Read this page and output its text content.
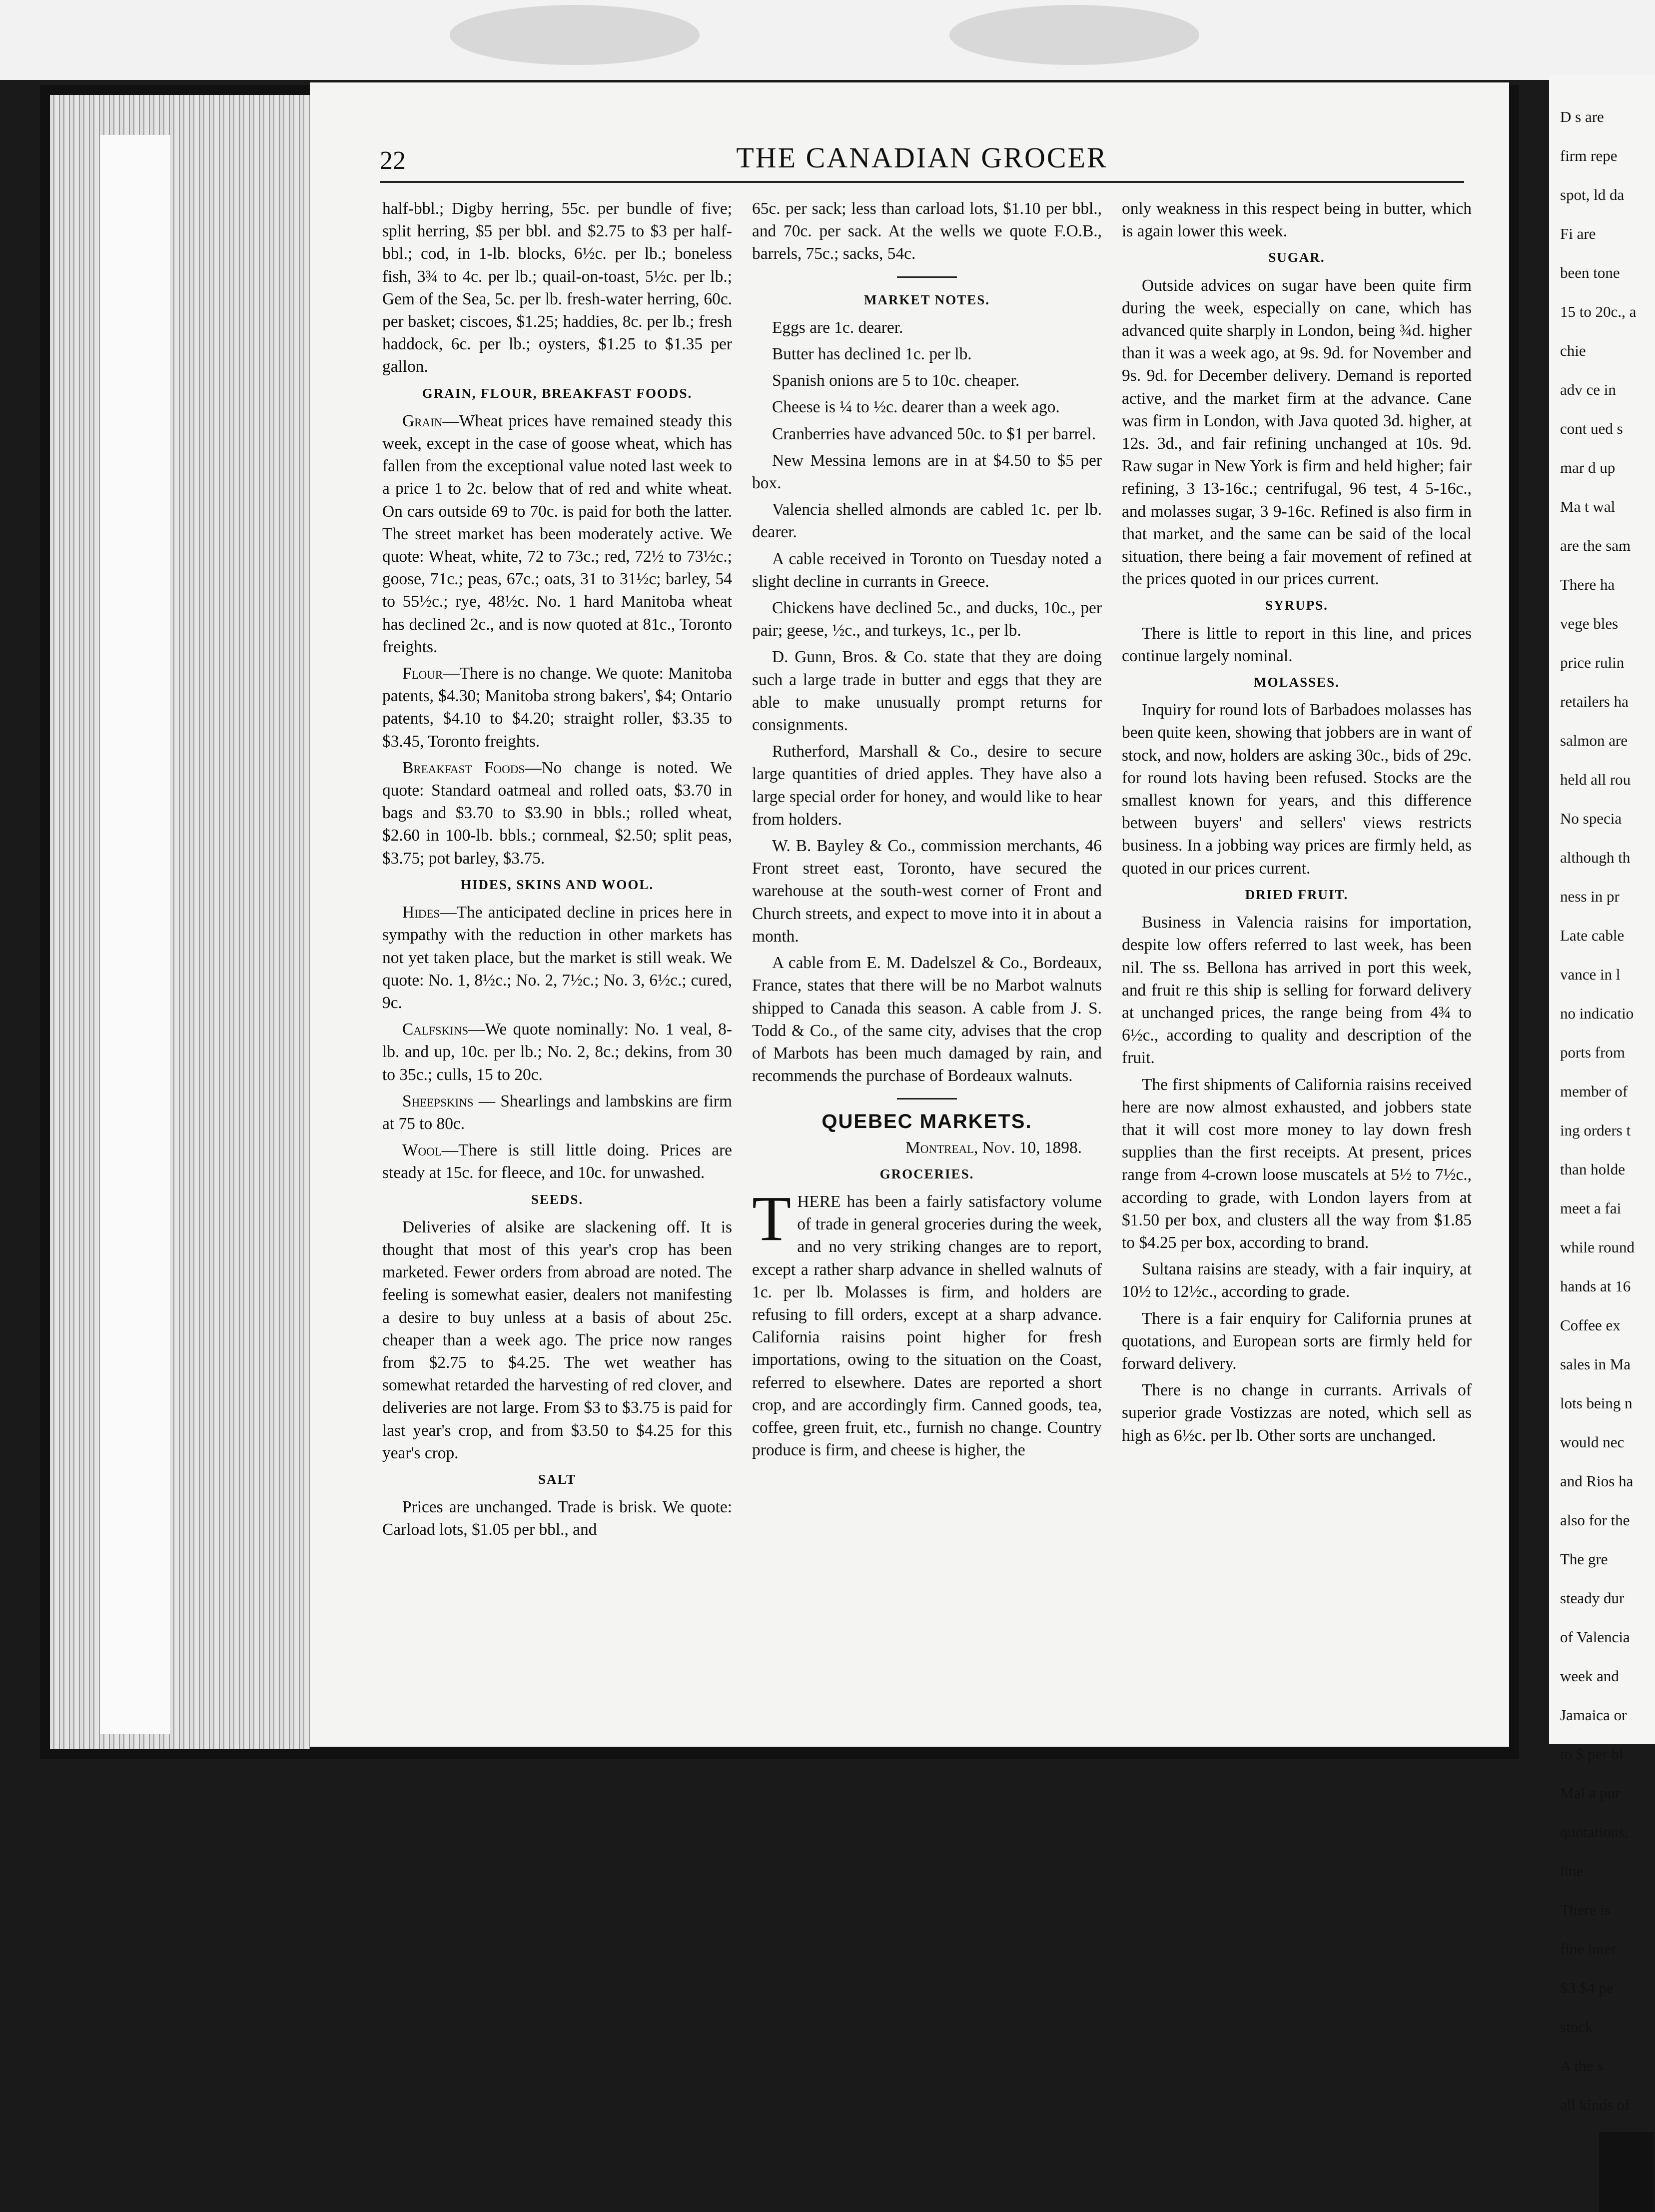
22	THE CANADIAN GROCER

half-bbl.; Digby herring, 55c. per bundle of five; split herring, $5 per bbl. and $2.75 to $3 per half-bbl.; cod, in 1-lb. blocks, 6½c. per lb.; boneless fish, 3¾ to 4c. per lb.; quail-on-toast, 5½c. per lb.; Gem of the Sea, 5c. per lb. fresh-water herring, 60c. per basket; ciscoes, $1.25; haddies, 8c. per lb.; fresh haddock, 6c. per lb.; oysters, $1.25 to $1.35 per gallon.

GRAIN, FLOUR, BREAKFAST FOODS.

Grain—Wheat prices have remained steady this week, except in the case of goose wheat, which has fallen from the exceptional value noted last week to a price 1 to 2c. below that of red and white wheat. On cars outside 69 to 70c. is paid for both the latter. The street market has been moderately active. We quote: Wheat, white, 72 to 73c.; red, 72½ to 73½c.; goose, 71c.; peas, 67c.; oats, 31 to 31½c; barley, 54 to 55½c.; rye, 48½c. No. 1 hard Manitoba wheat has declined 2c., and is now quoted at 81c., Toronto freights.

Flour—There is no change. We quote: Manitoba patents, $4.30; Manitoba strong bakers', $4; Ontario patents, $4.10 to $4.20; straight roller, $3.35 to $3.45, Toronto freights.

Breakfast Foods—No change is noted. We quote: Standard oatmeal and rolled oats, $3.70 in bags and $3.70 to $3.90 in bbls.; rolled wheat, $2.60 in 100-lb. bbls.; cornmeal, $2.50; split peas, $3.75; pot barley, $3.75.

HIDES, SKINS AND WOOL.

Hides—The anticipated decline in prices here in sympathy with the reduction in other markets has not yet taken place, but the market is still weak. We quote: No. 1, 8½c.; No. 2, 7½c.; No. 3, 6½c.; cured, 9c.

Calfskins—We quote nominally: No. 1 veal, 8-lb. and up, 10c. per lb.; No. 2, 8c.; dekins, from 30 to 35c.; culls, 15 to 20c.

Sheepskins — Shearlings and lambskins are firm at 75 to 80c.

Wool—There is still little doing. Prices are steady at 15c. for fleece, and 10c. for unwashed.

SEEDS.

Deliveries of alsike are slackening off. It is thought that most of this year's crop has been marketed. Fewer orders from abroad are noted. The feeling is somewhat easier, dealers not manifesting a desire to buy unless at a basis of about 25c. cheaper than a week ago. The price now ranges from $2.75 to $4.25. The wet weather has somewhat retarded the harvesting of red clover, and deliveries are not large. From $3 to $3.75 is paid for last year's crop, and from $3.50 to $4.25 for this year's crop.

SALT

Prices are unchanged. Trade is brisk. We quote: Carload lots, $1.05 per bbl., and

65c. per sack; less than carload lots, $1.10 per bbl., and 70c. per sack. At the wells we quote F.O.B., barrels, 75c.; sacks, 54c.

MARKET NOTES.

Eggs are 1c. dearer.

Butter has declined 1c. per lb.

Spanish onions are 5 to 10c. cheaper.

Cheese is ¼ to ½c. dearer than a week ago.

Cranberries have advanced 50c. to $1 per barrel.

New Messina lemons are in at $4.50 to $5 per box.

Valencia shelled almonds are cabled 1c. per lb. dearer.

A cable received in Toronto on Tuesday noted a slight decline in currants in Greece.

Chickens have declined 5c., and ducks, 10c., per pair; geese, ½c., and turkeys, 1c., per lb.

D. Gunn, Bros. & Co. state that they are doing such a large trade in butter and eggs that they are able to make unusually prompt returns for consignments.

Rutherford, Marshall & Co., desire to secure large quantities of dried apples. They have also a large special order for honey, and would like to hear from holders.

W. B. Bayley & Co., commission merchants, 46 Front street east, Toronto, have secured the warehouse at the south-west corner of Front and Church streets, and expect to move into it in about a month.

A cable from E. M. Dadelszel & Co., Bordeaux, France, states that there will be no Marbot walnuts shipped to Canada this season. A cable from J. S. Todd & Co., of the same city, advises that the crop of Marbots has been much damaged by rain, and recommends the purchase of Bordeaux walnuts.

QUEBEC MARKETS.
Montreal, Nov. 10, 1898.
GROCERIES.

THERE has been a fairly satisfactory volume of trade in general groceries during the week, and no very striking changes are to report, except a rather sharp advance in shelled walnuts of 1c. per lb. Molasses is firm, and holders are refusing to fill orders, except at a sharp advance. California raisins point higher for fresh importations, owing to the situation on the Coast, referred to elsewhere. Dates are reported a short crop, and are accordingly firm. Canned goods, tea, coffee, green fruit, etc., furnish no change. Country produce is firm, and cheese is higher, the

only weakness in this respect being in butter, which is again lower this week.

SUGAR.

Outside advices on sugar have been quite firm during the week, especially on cane, which has advanced quite sharply in London, being ¾d. higher than it was a week ago, at 9s. 9d. for November and 9s. 9d. for December delivery. Demand is reported active, and the market firm at the advance. Cane was firm in London, with Java quoted 3d. higher, at 12s. 3d., and fair refining unchanged at 10s. 9d. Raw sugar in New York is firm and held higher; fair refining, 3 13-16c.; centrifugal, 96 test, 4 5-16c., and molasses sugar, 3 9-16c. Refined is also firm in that market, and the same can be said of the local situation, there being a fair movement of refined at the prices quoted in our prices current.

SYRUPS.

There is little to report in this line, and prices continue largely nominal.

MOLASSES.

Inquiry for round lots of Barbadoes molasses has been quite keen, showing that jobbers are in want of stock, and now, holders are asking 30c., bids of 29c. for round lots having been refused. Stocks are the smallest known for years, and this difference between buyers' and sellers' views restricts business. In a jobbing way prices are firmly held, as quoted in our prices current.

DRIED FRUIT.

Business in Valencia raisins for importation, despite low offers referred to last week, has been nil. The ss. Bellona has arrived in port this week, and fruit re this ship is selling for forward delivery at unchanged prices, the range being from 4¾ to 6½c., according to quality and description of the fruit.

The first shipments of California raisins received here are now almost exhausted, and jobbers state that it will cost more money to lay down fresh supplies than the first receipts. At present, prices range from 4-crown loose muscatels at 5½ to 7½c., according to grade, with London layers from at $1.50 per box, and clusters all the way from $1.85 to $4.25 per box, according to brand.

Sultana raisins are steady, with a fair inquiry, at 10½ to 12½c., according to grade.

There is a fair enquiry for California prunes at quotations, and European sorts are firmly held for forward delivery.

There is no change in currants. Arrivals of superior grade Vostizzas are noted, which sell as high as 6½c. per lb. Other sorts are unchanged.

D s are

firm repe

spot, ld da

Fi are

been tone

15 to 20c., a

chie

adv ce in

cont ued s

mar d up

Ma t wal

are the sam

There ha

vege bles

price rulin

retailers ha

salmon are

held all rou

No specia

although th

ness in pr

Late cable

vance in l

no indicatio

ports from

member of

ing orders t

than holde

meet a fai

while round

hands at 16

Coffee ex

sales in Ma

lots being n

would nec

and Rios ha

also for the

The gre

steady dur

of Valencia

week and

Jamaica or

to $ per bl

Mal a pur

quotations,

line

There is

fine inter

$3 $4 pe

stock

A the s

all kinds of
